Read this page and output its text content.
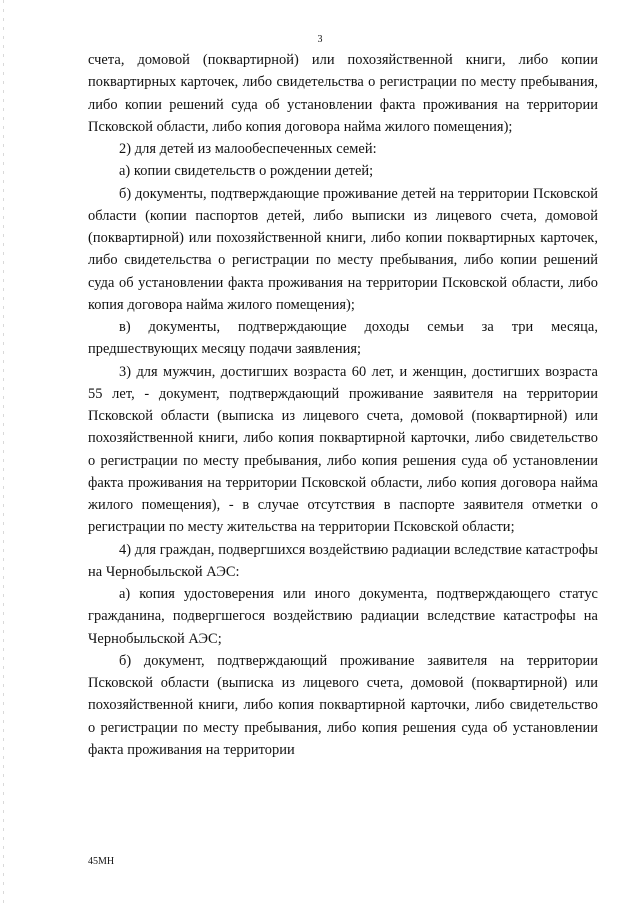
3

счета, домовой (поквартирной) или похозяйственной книги, либо копии поквартирных карточек, либо свидетельства о регистрации по месту пребывания, либо копии решений суда об установлении факта проживания на территории Псковской области, либо копия договора найма жилого помещения);

2) для детей из малообеспеченных семей:

а) копии свидетельств о рождении детей;

б) документы, подтверждающие проживание детей на территории Псковской области (копии паспортов детей, либо выписки из лицевого счета, домовой (поквартирной) или похозяйственной книги, либо копии поквартирных карточек, либо свидетельства о регистрации по месту пребывания, либо копии решений суда об установлении факта проживания на территории Псковской области, либо копия договора найма жилого помещения);

в) документы, подтверждающие доходы семьи за три месяца, предшествующих месяцу подачи заявления;

3) для мужчин, достигших возраста 60 лет, и женщин, достигших возраста 55 лет, - документ, подтверждающий проживание заявителя на территории Псковской области (выписка из лицевого счета, домовой (поквартирной) или похозяйственной книги, либо копия поквартирной карточки, либо свидетельство о регистрации по месту пребывания, либо копия решения суда об установлении факта проживания на территории Псковской области, либо копия договора найма жилого помещения), - в случае отсутствия в паспорте заявителя отметки о регистрации по месту жительства на территории Псковской области;

4) для граждан, подвергшихся воздействию радиации вследствие катастрофы на Чернобыльской АЭС:

а) копия удостоверения или иного документа, подтверждающего статус гражданина, подвергшегося воздействию радиации вследствие катастрофы на Чернобыльской АЭС;

б) документ, подтверждающий проживание заявителя на территории Псковской области (выписка из лицевого счета, домовой (поквартирной) или похозяйственной книги, либо копия поквартирной карточки, либо свидетельство о регистрации по месту пребывания, либо копия решения суда об установлении факта проживания на территории

45МН
